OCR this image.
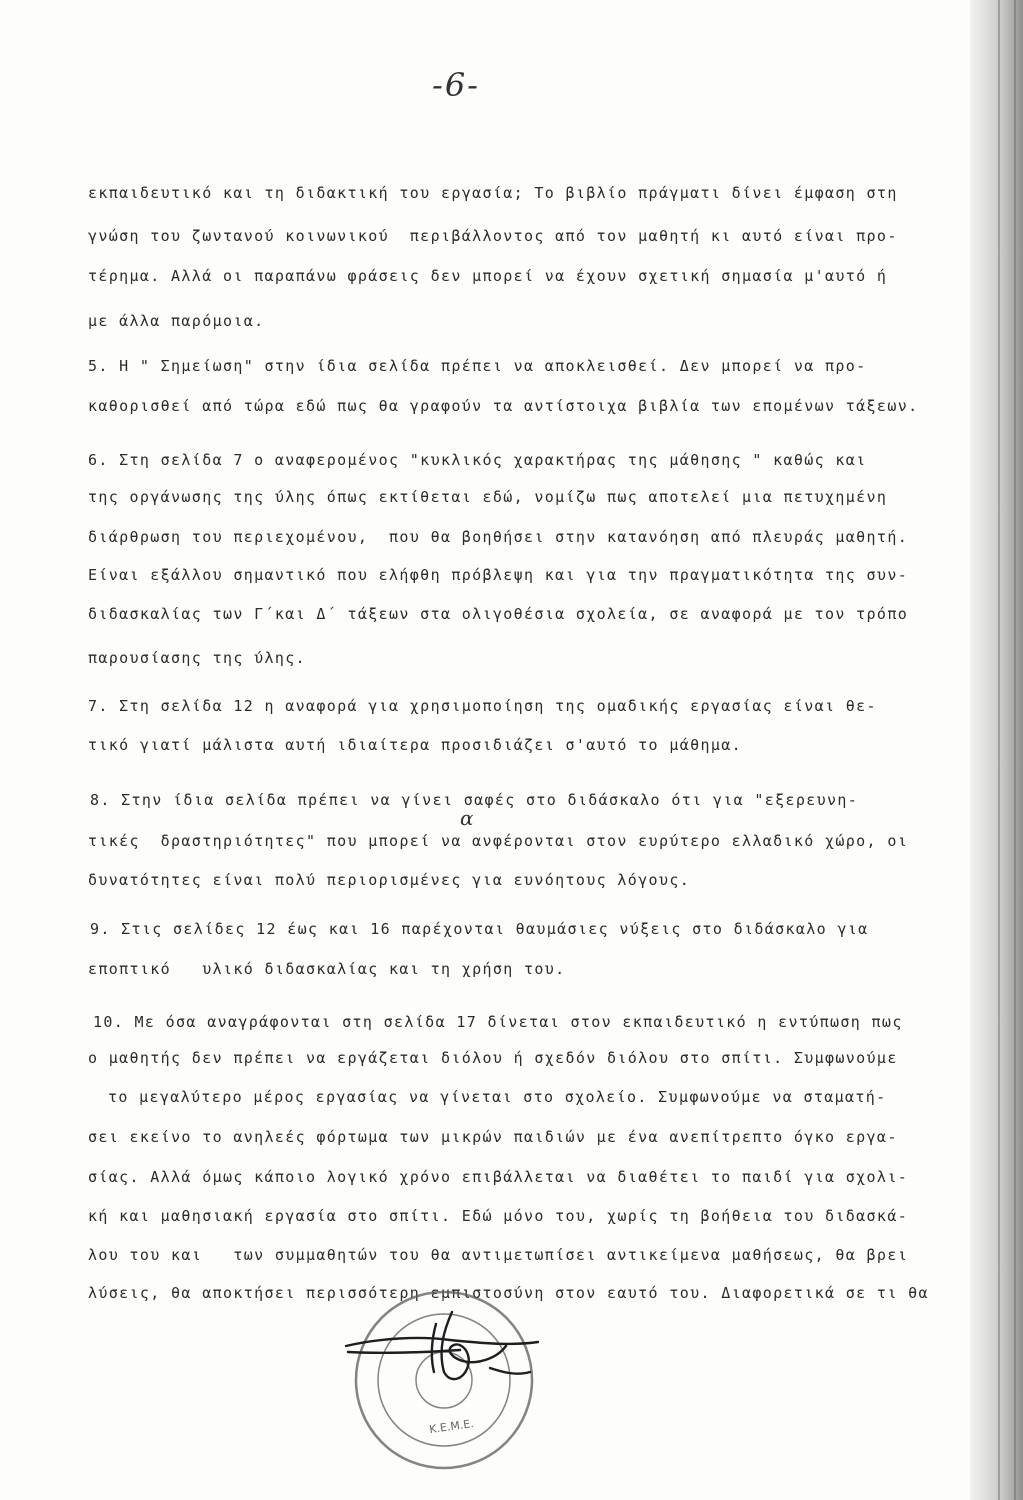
-6-
εκπαιδευτικό και τη διδακτική του εργασία; Το βιβλίο πράγματι δίνει έμφαση στη
γνώση του ζωντανού κοινωνικού  περιβάλλοντος από τον μαθητή κι αυτό είναι προ-
τέρημα. Αλλά οι παραπάνω φράσεις δεν μπορεί να έχουν σχετική σημασία μ'αυτό ή
με άλλα παρόμοια.
5. Η " Σημείωση" στην ίδια σελίδα πρέπει να αποκλεισθεί. Δεν μπορεί να προ-
καθορισθεί από τώρα εδώ πως θα γραφούν τα αντίστοιχα βιβλία των επομένων τάξεων.
6. Στη σελίδα 7 ο αναφερομένος "κυκλικός χαρακτήρας της μάθησης " καθώς και
της οργάνωσης της ύλης όπως εκτίθεται εδώ, νομίζω πως αποτελεί μια πετυχημένη
διάρθρωση του περιεχομένου,  που θα βοηθήσει στην κατανόηση από πλευράς μαθητή.
Είναι εξάλλου σημαντικό που ελήφθη πρόβλεψη και για την πραγματικότητα της συν-
διδασκαλίας των Γ΄και Δ΄ τάξεων στα ολιγοθέσια σχολεία, σε αναφορά με τον τρόπο
παρουσίασης της ύλης.
7. Στη σελίδα 12 η αναφορά για χρησιμοποίηση της ομαδικής εργασίας είναι θε-
τικό γιατί μάλιστα αυτή ιδιαίτερα προσιδιάζει σ'αυτό το μάθημα.
8. Στην ίδια σελίδα πρέπει να γίνει σαφές στο διδάσκαλο ότι για "εξερευνη-
τικές  δραστηριότητες" που μπορεί να ανφέρονται στον ευρύτερο ελλαδικό χώρο, οι
δυνατότητες είναι πολύ περιορισμένες για ευνόητους λόγους.
9. Στις σελίδες 12 έως και 16 παρέχονται θαυμάσιες νύξεις στο διδάσκαλο για
εποπτικό   υλικό διδασκαλίας και τη χρήση του.
10. Με όσα αναγράφονται στη σελίδα 17 δίνεται στον εκπαιδευτικό η εντύπωση πως
ο μαθητής δεν πρέπει να εργάζεται διόλου ή σχεδόν διόλου στο σπίτι. Συμφωνούμε
το μεγαλύτερο μέρος εργασίας να γίνεται στο σχολείο. Συμφωνούμε να σταματή-
σει εκείνο το ανηλεές φόρτωμα των μικρών παιδιών με ένα ανεπίτρεπτο όγκο εργα-
σίας. Αλλά όμως κάποιο λογικό χρόνο επιβάλλεται να διαθέτει το παιδί για σχολι-
κή και μαθησιακή εργασία στο σπίτι. Εδώ μόνο του, χωρίς τη βοήθεια του διδασκά-
λου του και   των συμμαθητών του θα αντιμετωπίσει αντικείμενα μαθήσεως, θα βρει
λύσεις, θα αποκτήσει περισσότερη εμπιστοσύνη στον εαυτό του. Διαφορετικά σε τι θα
α
Κ.Ε.Μ.Ε.
